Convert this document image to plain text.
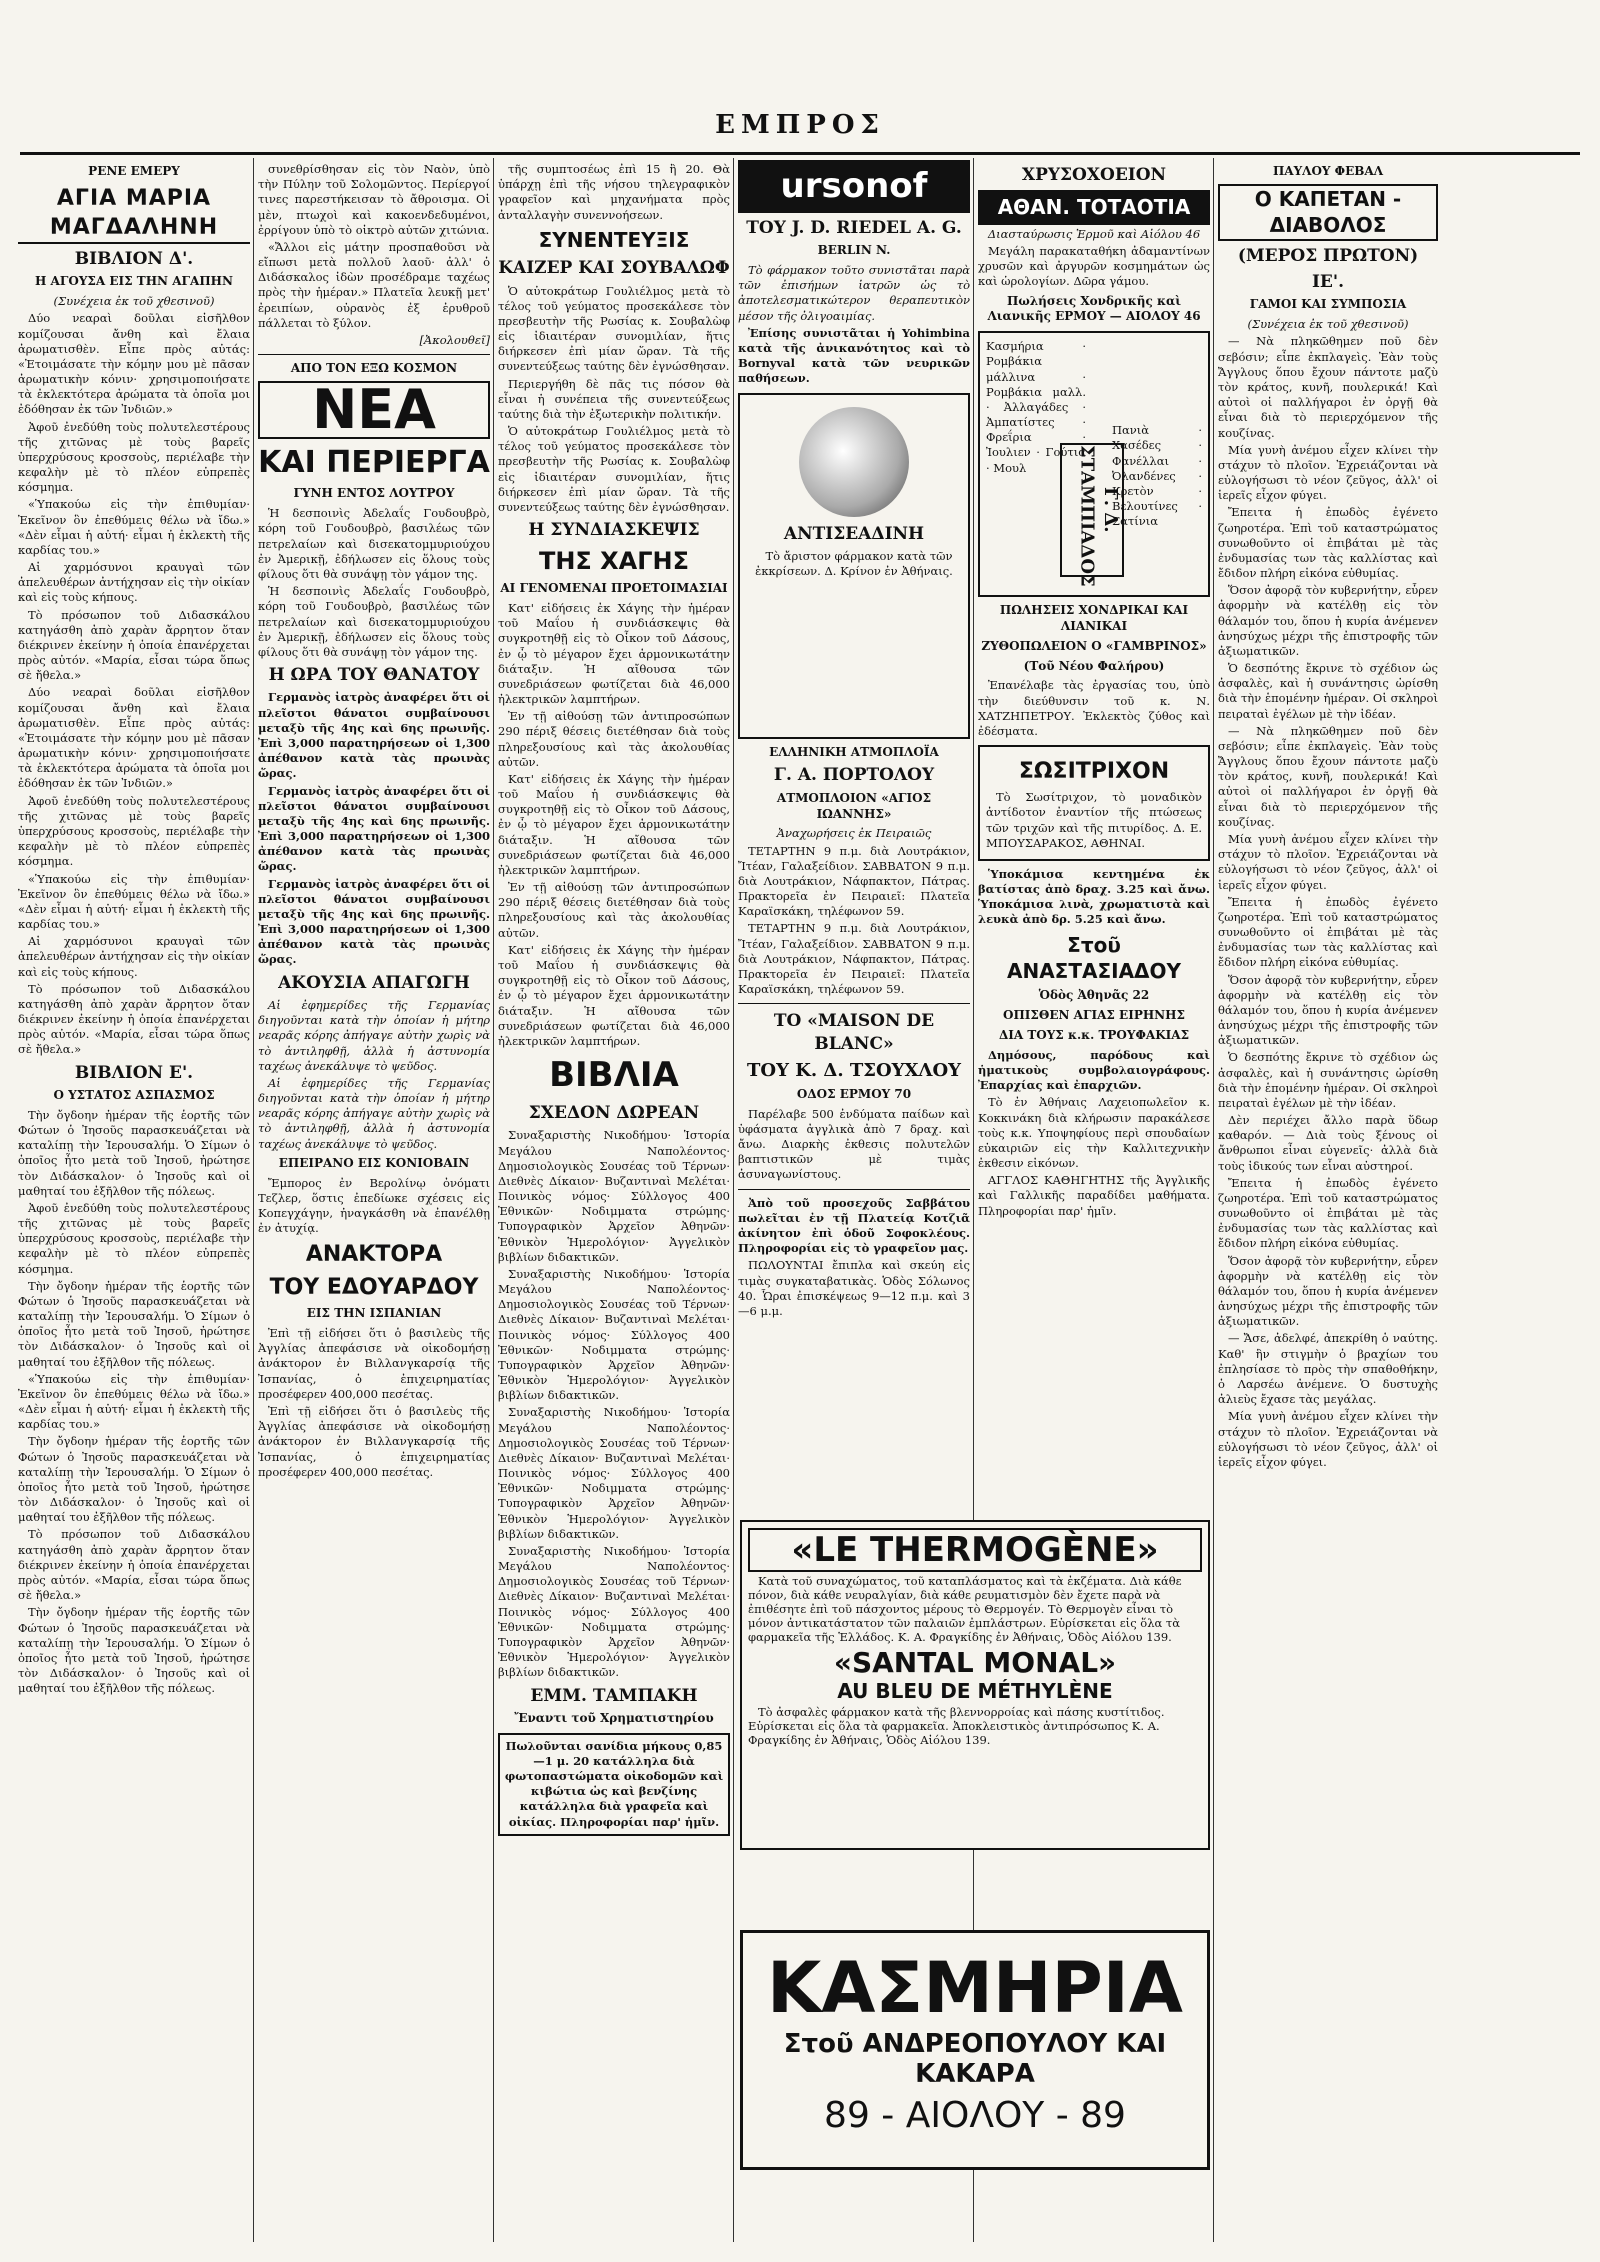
ΕΜΠΡΟΣ
ΡΕΝΕ ΕΜΕΡΥ
ΑΓΙΑ ΜΑΡΙΑ ΜΑΓΔΑΛΗΝΗ
ΒΙΒΛΙΟΝ Δ'.
Η ΑΓΟΥΣΑ ΕΙΣ ΤΗΝ ΑΓΑΠΗΝ
(Συνέχεια ἐκ τοῦ χθεσινοῦ)

Δύο νεαραὶ δοῦλαι εἰσῆλθον κομίζουσαι ἄνθη καὶ ἔλαια ἀρωματισθὲν. Εἶπε πρὸς αὐτάς: «Ἐτοιμάσατε τὴν κόμην μου μὲ πᾶσαν ἀρωματικὴν κόνιν· χρησιμοποιήσατε τὰ ἐκλεκτότερα ἀρώματα τὰ ὁποῖα μοι ἐδόθησαν ἐκ τῶν Ἰνδιῶν.»

Ἀφοῦ ἐνεδύθη τοὺς πολυτελεστέρους τῆς χιτῶνας μὲ τοὺς βαρεῖς ὑπερχρύσους κροσσοὺς, περιέλαβε τὴν κεφαλὴν μὲ τὸ πλέον εὐπρεπὲς κόσμημα.

«Ὑπακούω εἰς τὴν ἐπιθυμίαν· Ἐκεῖνον ὃν ἐπεθύμεις θέλω νὰ ἴδω.» «Δὲν εἶμαι ἡ αὐτή· εἶμαι ἡ ἐκλεκτὴ τῆς καρδίας του.»

Αἱ χαρμόσυνοι κραυγαὶ τῶν ἀπελευθέρων ἀντήχησαν εἰς τὴν οἰκίαν καὶ εἰς τοὺς κήπους.

Τὸ πρόσωπον τοῦ Διδασκάλου κατηγάσθη ἀπὸ χαρὰν ἄρρητον ὅταν διέκρινεν ἐκείνην ἡ ὁποία ἐπανέρχεται πρὸς αὐτόν. «Μαρία, εἶσαι τώρα ὅπως σὲ ἤθελα.»

Δύο νεαραὶ δοῦλαι εἰσῆλθον κομίζουσαι ἄνθη καὶ ἔλαια ἀρωματισθὲν. Εἶπε πρὸς αὐτάς: «Ἐτοιμάσατε τὴν κόμην μου μὲ πᾶσαν ἀρωματικὴν κόνιν· χρησιμοποιήσατε τὰ ἐκλεκτότερα ἀρώματα τὰ ὁποῖα μοι ἐδόθησαν ἐκ τῶν Ἰνδιῶν.»

Ἀφοῦ ἐνεδύθη τοὺς πολυτελεστέρους τῆς χιτῶνας μὲ τοὺς βαρεῖς ὑπερχρύσους κροσσοὺς, περιέλαβε τὴν κεφαλὴν μὲ τὸ πλέον εὐπρεπὲς κόσμημα.

«Ὑπακούω εἰς τὴν ἐπιθυμίαν· Ἐκεῖνον ὃν ἐπεθύμεις θέλω νὰ ἴδω.» «Δὲν εἶμαι ἡ αὐτή· εἶμαι ἡ ἐκλεκτὴ τῆς καρδίας του.»

Αἱ χαρμόσυνοι κραυγαὶ τῶν ἀπελευθέρων ἀντήχησαν εἰς τὴν οἰκίαν καὶ εἰς τοὺς κήπους.

Τὸ πρόσωπον τοῦ Διδασκάλου κατηγάσθη ἀπὸ χαρὰν ἄρρητον ὅταν διέκρινεν ἐκείνην ἡ ὁποία ἐπανέρχεται πρὸς αὐτόν. «Μαρία, εἶσαι τώρα ὅπως σὲ ἤθελα.»

ΒΙΒΛΙΟΝ Ε'.
Ο ΥΣΤΑΤΟΣ ΑΣΠΑΣΜΟΣ

Τὴν ὄγδοην ἡμέραν τῆς ἑορτῆς τῶν Φώτων ὁ Ἰησοῦς παρασκευάζεται νὰ καταλίπῃ τὴν Ἱερουσαλήμ. Ὁ Σίμων ὁ ὁποῖος ἦτο μετὰ τοῦ Ἰησοῦ, ἠρώτησε τὸν Διδάσκαλον· ὁ Ἰησοῦς καὶ οἱ μαθηταί του ἐξῆλθον τῆς πόλεως.

Ἀφοῦ ἐνεδύθη τοὺς πολυτελεστέρους τῆς χιτῶνας μὲ τοὺς βαρεῖς ὑπερχρύσους κροσσοὺς, περιέλαβε τὴν κεφαλὴν μὲ τὸ πλέον εὐπρεπὲς κόσμημα.

Τὴν ὄγδοην ἡμέραν τῆς ἑορτῆς τῶν Φώτων ὁ Ἰησοῦς παρασκευάζεται νὰ καταλίπῃ τὴν Ἱερουσαλήμ. Ὁ Σίμων ὁ ὁποῖος ἦτο μετὰ τοῦ Ἰησοῦ, ἠρώτησε τὸν Διδάσκαλον· ὁ Ἰησοῦς καὶ οἱ μαθηταί του ἐξῆλθον τῆς πόλεως.

«Ὑπακούω εἰς τὴν ἐπιθυμίαν· Ἐκεῖνον ὃν ἐπεθύμεις θέλω νὰ ἴδω.» «Δὲν εἶμαι ἡ αὐτή· εἶμαι ἡ ἐκλεκτὴ τῆς καρδίας του.»

Τὴν ὄγδοην ἡμέραν τῆς ἑορτῆς τῶν Φώτων ὁ Ἰησοῦς παρασκευάζεται νὰ καταλίπῃ τὴν Ἱερουσαλήμ. Ὁ Σίμων ὁ ὁποῖος ἦτο μετὰ τοῦ Ἰησοῦ, ἠρώτησε τὸν Διδάσκαλον· ὁ Ἰησοῦς καὶ οἱ μαθηταί του ἐξῆλθον τῆς πόλεως.

Τὸ πρόσωπον τοῦ Διδασκάλου κατηγάσθη ἀπὸ χαρὰν ἄρρητον ὅταν διέκρινεν ἐκείνην ἡ ὁποία ἐπανέρχεται πρὸς αὐτόν. «Μαρία, εἶσαι τώρα ὅπως σὲ ἤθελα.»

Τὴν ὄγδοην ἡμέραν τῆς ἑορτῆς τῶν Φώτων ὁ Ἰησοῦς παρασκευάζεται νὰ καταλίπῃ τὴν Ἱερουσαλήμ. Ὁ Σίμων ὁ ὁποῖος ἦτο μετὰ τοῦ Ἰησοῦ, ἠρώτησε τὸν Διδάσκαλον· ὁ Ἰησοῦς καὶ οἱ μαθηταί του ἐξῆλθον τῆς πόλεως.

συνεθρίσθησαν εἰς τὸν Ναὸν, ὑπὸ τὴν Πύλην τοῦ Σολομῶντος. Περίεργοί τινες παρεστήκεισαν τὸ ἄθροισμα. Οἱ μὲν, πτωχοὶ καὶ κακοενδεδυμένοι, ἐρρίγουν ὑπὸ τὸ οἰκτρὸ αὐτῶν χιτώνια.

«Ἄλλοι εἰς μάτην προσπαθοῦσι νὰ εἴπωσι μετὰ πολλοῦ λαοῦ· ἀλλ' ὁ Διδάσκαλος ἰδὼν προσέδραμε ταχέως πρὸς τὴν ἡμέραν.» Πλατεῖα λευκῇ μετ' ἐρειπίων, οὐρανὸς ἐξ ἐρυθροῦ πάλλεται τὸ ξύλον.

[Ἀκολουθεῖ]
ΑΠΟ ΤΟΝ ΕΞΩ ΚΟΣΜΟΝ
ΝΕΑ
ΚΑΙ ΠΕΡΙΕΡΓΑ
ΓΥΝΗ ΕΝΤΟΣ ΛΟΥΤΡΟΥ

Ἡ δεσποινὶς Ἀδελαΐς Γουδουβρὸ, κόρη τοῦ Γουδουβρὸ, βασιλέως τῶν πετρελαίων καὶ δισεκατομμυριούχου ἐν Ἀμερικῇ, ἐδήλωσεν εἰς ὅλους τοὺς φίλους ὅτι θὰ συνάψῃ τὸν γάμον της.

Ἡ δεσποινὶς Ἀδελαΐς Γουδουβρὸ, κόρη τοῦ Γουδουβρὸ, βασιλέως τῶν πετρελαίων καὶ δισεκατομμυριούχου ἐν Ἀμερικῇ, ἐδήλωσεν εἰς ὅλους τοὺς φίλους ὅτι θὰ συνάψῃ τὸν γάμον της.

Η ΩΡΑ ΤΟΥ ΘΑΝΑΤΟΥ

Γερμανὸς ἰατρὸς ἀναφέρει ὅτι οἱ πλεῖστοι θάνατοι συμβαίνουσι μεταξὺ τῆς 4ης καὶ 6ης πρωινῆς. Ἐπὶ 3,000 παρατηρήσεων οἱ 1,300 ἀπέθανον κατὰ τὰς πρωινὰς ὥρας.

Γερμανὸς ἰατρὸς ἀναφέρει ὅτι οἱ πλεῖστοι θάνατοι συμβαίνουσι μεταξὺ τῆς 4ης καὶ 6ης πρωινῆς. Ἐπὶ 3,000 παρατηρήσεων οἱ 1,300 ἀπέθανον κατὰ τὰς πρωινὰς ὥρας.

Γερμανὸς ἰατρὸς ἀναφέρει ὅτι οἱ πλεῖστοι θάνατοι συμβαίνουσι μεταξὺ τῆς 4ης καὶ 6ης πρωινῆς. Ἐπὶ 3,000 παρατηρήσεων οἱ 1,300 ἀπέθανον κατὰ τὰς πρωινὰς ὥρας.

ΑΚΟΥΣΙΑ ΑΠΑΓΩΓΗ

Αἱ ἐφημερίδες τῆς Γερμανίας διηγοῦνται κατὰ τὴν ὁποίαν ἡ μήτηρ νεαρᾶς κόρης ἀπήγαγε αὐτὴν χωρὶς νὰ τὸ ἀντιληφθῇ, ἀλλὰ ἡ ἀστυνομία ταχέως ἀνεκάλυψε τὸ ψεῦδος.

Αἱ ἐφημερίδες τῆς Γερμανίας διηγοῦνται κατὰ τὴν ὁποίαν ἡ μήτηρ νεαρᾶς κόρης ἀπήγαγε αὐτὴν χωρὶς νὰ τὸ ἀντιληφθῇ, ἀλλὰ ἡ ἀστυνομία ταχέως ἀνεκάλυψε τὸ ψεῦδος.

ΕΠΕΙΡΑΝΟ ΕΙΣ ΚΟΝΙΟΒΑΙΝ

Ἔμπορος ἐν Βερολίνῳ ὀνόματι Τεζλερ, ὅστις ἐπεδίωκε σχέσεις εἰς Κοπεγχάγην, ἠναγκάσθη νὰ ἐπανέλθῃ ἐν ἀτυχίᾳ.

ΑΝΑΚΤΟΡΑ
ΤΟΥ ΕΔΟΥΑΡΔΟΥ
ΕΙΣ ΤΗΝ ΙΣΠΑΝΙΑΝ

Ἐπὶ τῇ εἰδήσει ὅτι ὁ βασιλεὺς τῆς Ἀγγλίας ἀπεφάσισε νὰ οἰκοδομήσῃ ἀνάκτορον ἐν Βιλλανγκαρσίᾳ τῆς Ἰσπανίας, ὁ ἐπιχειρηματίας προσέφερεν 400,000 πεσέτας.

Ἐπὶ τῇ εἰδήσει ὅτι ὁ βασιλεὺς τῆς Ἀγγλίας ἀπεφάσισε νὰ οἰκοδομήσῃ ἀνάκτορον ἐν Βιλλανγκαρσίᾳ τῆς Ἰσπανίας, ὁ ἐπιχειρηματίας προσέφερεν 400,000 πεσέτας.

τῆς συμπτοσέως ἐπὶ 15 ἢ 20. Θὰ ὑπάρχῃ ἐπὶ τῆς νήσου τηλεγραφικὸν γραφεῖον καὶ μηχανήματα πρὸς ἀνταλλαγὴν συνεννοήσεων.

ΣΥΝΕΝΤΕΥΞΙΣ
ΚΑΙΖΕΡ ΚΑΙ ΣΟΥΒΑΛΩΦ

Ὁ αὐτοκράτωρ Γουλιέλμος μετὰ τὸ τέλος τοῦ γεύματος προσεκάλεσε τὸν πρεσβευτὴν τῆς Ρωσίας κ. Σουβαλὼφ εἰς ἰδιαιτέραν συνομιλίαν, ἥτις διήρκεσεν ἐπὶ μίαν ὥραν. Τὰ τῆς συνεντεύξεως ταύτης δὲν ἐγνώσθησαν.

Περιεργήθη δὲ πᾶς τις πόσον θὰ εἶναι ἡ συνέπεια τῆς συνεντεύξεως ταύτης διὰ τὴν ἐξωτερικὴν πολιτικήν.

Ὁ αὐτοκράτωρ Γουλιέλμος μετὰ τὸ τέλος τοῦ γεύματος προσεκάλεσε τὸν πρεσβευτὴν τῆς Ρωσίας κ. Σουβαλὼφ εἰς ἰδιαιτέραν συνομιλίαν, ἥτις διήρκεσεν ἐπὶ μίαν ὥραν. Τὰ τῆς συνεντεύξεως ταύτης δὲν ἐγνώσθησαν.

Η ΣΥΝΔΙΑΣΚΕΨΙΣ
ΤΗΣ ΧΑΓΗΣ
ΑΙ ΓΕΝΟΜΕΝΑΙ ΠΡΟΕΤΟΙΜΑΣΙΑΙ

Κατ' εἰδήσεις ἐκ Χάγης τὴν ἡμέραν τοῦ Μαΐου ἡ συνδιάσκεψις θὰ συγκροτηθῇ εἰς τὸ Οἶκον τοῦ Δάσους, ἐν ᾧ τὸ μέγαρον ἔχει ἁρμονικωτάτην διάταξιν. Ἡ αἴθουσα τῶν συνεδριάσεων φωτίζεται διὰ 46,000 ἠλεκτρικῶν λαμπτήρων.

Ἐν τῇ αἰθούσῃ τῶν ἀντιπροσώπων 290 πέριξ θέσεις διετέθησαν διὰ τοὺς πληρεξουσίους καὶ τὰς ἀκολουθίας αὐτῶν.

Κατ' εἰδήσεις ἐκ Χάγης τὴν ἡμέραν τοῦ Μαΐου ἡ συνδιάσκεψις θὰ συγκροτηθῇ εἰς τὸ Οἶκον τοῦ Δάσους, ἐν ᾧ τὸ μέγαρον ἔχει ἁρμονικωτάτην διάταξιν. Ἡ αἴθουσα τῶν συνεδριάσεων φωτίζεται διὰ 46,000 ἠλεκτρικῶν λαμπτήρων.

Ἐν τῇ αἰθούσῃ τῶν ἀντιπροσώπων 290 πέριξ θέσεις διετέθησαν διὰ τοὺς πληρεξουσίους καὶ τὰς ἀκολουθίας αὐτῶν.

Κατ' εἰδήσεις ἐκ Χάγης τὴν ἡμέραν τοῦ Μαΐου ἡ συνδιάσκεψις θὰ συγκροτηθῇ εἰς τὸ Οἶκον τοῦ Δάσους, ἐν ᾧ τὸ μέγαρον ἔχει ἁρμονικωτάτην διάταξιν. Ἡ αἴθουσα τῶν συνεδριάσεων φωτίζεται διὰ 46,000 ἠλεκτρικῶν λαμπτήρων.

ΒΙΒΛΙΑ
ΣΧΕΔΟΝ ΔΩΡΕΑΝ

Συναξαριστὴς Νικοδήμου· Ἱστορία Μεγάλου Ναπολέοντος· Δημοσιολογικὸς Σουσέας τοῦ Τέρνων· Διεθνὲς Δίκαιον· Βυζαντιναὶ Μελέται· Ποινικὸς νόμος· Σύλλογος 400 Ἐθνικῶν· Νοδιμματα στρώμης· Τυπογραφικὸν Ἀρχεῖον Ἀθηνῶν· Ἐθνικὸν Ἡμερολόγιον· Ἀγγελικὸν βιβλίων διδακτικῶν.

Συναξαριστὴς Νικοδήμου· Ἱστορία Μεγάλου Ναπολέοντος· Δημοσιολογικὸς Σουσέας τοῦ Τέρνων· Διεθνὲς Δίκαιον· Βυζαντιναὶ Μελέται· Ποινικὸς νόμος· Σύλλογος 400 Ἐθνικῶν· Νοδιμματα στρώμης· Τυπογραφικὸν Ἀρχεῖον Ἀθηνῶν· Ἐθνικὸν Ἡμερολόγιον· Ἀγγελικὸν βιβλίων διδακτικῶν.

Συναξαριστὴς Νικοδήμου· Ἱστορία Μεγάλου Ναπολέοντος· Δημοσιολογικὸς Σουσέας τοῦ Τέρνων· Διεθνὲς Δίκαιον· Βυζαντιναὶ Μελέται· Ποινικὸς νόμος· Σύλλογος 400 Ἐθνικῶν· Νοδιμματα στρώμης· Τυπογραφικὸν Ἀρχεῖον Ἀθηνῶν· Ἐθνικὸν Ἡμερολόγιον· Ἀγγελικὸν βιβλίων διδακτικῶν.

Συναξαριστὴς Νικοδήμου· Ἱστορία Μεγάλου Ναπολέοντος· Δημοσιολογικὸς Σουσέας τοῦ Τέρνων· Διεθνὲς Δίκαιον· Βυζαντιναὶ Μελέται· Ποινικὸς νόμος· Σύλλογος 400 Ἐθνικῶν· Νοδιμματα στρώμης· Τυπογραφικὸν Ἀρχεῖον Ἀθηνῶν· Ἐθνικὸν Ἡμερολόγιον· Ἀγγελικὸν βιβλίων διδακτικῶν.

ΕΜΜ. ΤΑΜΠΑΚΗ
Ἔναντι τοῦ Χρηματιστηρίου
Πωλοῦνται σανίδια μήκους 0,85—1 μ. 20 κατάλληλα διὰ φωτοπαστώματα οἰκοδομῶν καὶ κιβώτια ὡς καὶ βενζίνης κατάλληλα διὰ γραφεῖα καὶ οἰκίας. Πληροφορίαι παρ' ἡμῖν.
ursonof
ΤΟΥ J. D. RIEDEL A. G.
BERLIN N.

Τὸ φάρμακον τοῦτο συνιστᾶται παρὰ τῶν ἐπισήμων ἰατρῶν ὡς τὸ ἀποτελεσματικώτερον θεραπευτικὸν μέσον τῆς ὀλιγοαιμίας.

Ἐπίσης συνιστᾶται ἡ Yohimbina κατὰ τῆς ἀνικανότητος καὶ τὸ Bornyval κατὰ τῶν νευρικῶν παθήσεων.

ΑΝΤΙΣΕΑΔΙΝΗ

Τὸ ἄριστον φάρμακον κατὰ τῶν ἐκκρίσεων. Δ. Κρίνον ἐν Ἀθήναις.

ΕΛΛΗΝΙΚΗ ΑΤΜΟΠΛΟΪΑ
Γ. Α. ΠΟΡΤΟΛΟΥ
ΑΤΜΟΠΛΟΙΟΝ «ΑΓΙΟΣ ΙΩΑΝΝΗΣ»
Ἀναχωρήσεις ἐκ Πειραιῶς

ΤΕΤΑΡΤΗΝ 9 π.μ. διὰ Λουτράκιον, Ἴτέαν, Γαλαξείδιον. ΣΑΒΒΑΤΟΝ 9 π.μ. διὰ Λουτράκιον, Νάφπακτον, Πάτρας. Πρακτορεῖα ἐν Πειραιεῖ: Πλατεῖα Καραϊσκάκη, τηλέφωνον 59.

ΤΕΤΑΡΤΗΝ 9 π.μ. διὰ Λουτράκιον, Ἴτέαν, Γαλαξείδιον. ΣΑΒΒΑΤΟΝ 9 π.μ. διὰ Λουτράκιον, Νάφπακτον, Πάτρας. Πρακτορεῖα ἐν Πειραιεῖ: Πλατεῖα Καραϊσκάκη, τηλέφωνον 59.

ΤΟ «MAISON DE BLANC»
ΤΟΥ Κ. Δ. ΤΣΟΥΧΛΟΥ
ΟΔΟΣ ΕΡΜΟΥ 70

Παρέλαβε 500 ἐνδύματα παίδων καὶ ὑφάσματα ἀγγλικὰ ἀπὸ 7 δραχ. καὶ ἄνω. Διαρκὴς ἐκθεσις πολυτελῶν βαπτιστικῶν μὲ τιμὰς ἀσυναγωνίστους.

Ἀπὸ τοῦ προσεχοῦς Σαββάτου πωλεῖται ἐν τῇ Πλατείᾳ Κοτζιᾶ ἀκίνητον ἐπὶ ὁδοῦ Σοφοκλέους. Πληροφορίαι εἰς τὸ γραφεῖον μας.

ΠΩΛΟΥΝΤΑΙ ἔπιπλα καὶ σκεύη εἰς τιμὰς συγκαταβατικὰς. Ὁδὸς Σόλωνος 40. Ὧραι ἐπισκέψεως 9—12 π.μ. καὶ 3—6 μ.μ.

ΧΡΥΣΟΧΟΕΙΟΝ
ΑΘΑΝ. ΤΟΤΑΟΤΙΑ
Διασταύρωσις Ἑρμοῦ καὶ Αἰόλου 46

Μεγάλη παρακαταθήκη ἀδαμαντίνων χρυσῶν καὶ ἀργυρῶν κοσμημάτων ὡς καὶ ὡρολογίων. Δῶρα γάμου.

Πωλήσεις Χονδρικῆς καὶ Λιανικῆς ΕΡΜΟΥ — ΑΙΟΛΟΥ 46
Κασμήρια · Ρομβάκια μάλλινα · Ρομβάκια μαλλ. · Ἀλλαγάδες · Ἀμπατίστες · Φρεΐρια · Ἰουλιεν · Γούτια · Μουλ
Πανιὰ · Χασέδες · Φανέλλαι · Ὀλανδένες · Κρετὸν · Βελουτίνες · Σατίνια
Γ. Δ. ΣΤΑΜΠΙΑΔΟΣ
ΠΩΛΗΣΕΙΣ ΧΟΝΔΡΙΚΑΙ ΚΑΙ ΛΙΑΝΙΚΑΙ
ΖΥΘΟΠΩΛΕΙΟΝ Ο «ΓΑΜΒΡΙΝΟΣ»
(Τοῦ Νέου Φαλήρου)

Ἐπανέλαβε τὰς ἐργασίας του, ὑπὸ τὴν διεύθυνσιν τοῦ κ. Ν. ΧΑΤΖΗΠΕΤΡΟΥ. Ἐκλεκτὸς ζύθος καὶ ἐδέσματα.

ΣΩΣΙΤΡΙΧΟΝ

Τὸ Σωσίτριχον, τὸ μοναδικὸν ἀντίδοτον ἐναντίον τῆς πτώσεως τῶν τριχῶν καὶ τῆς πιτυρίδος. Δ. Ε. ΜΠΟΥΣΑΡΑΚΟΣ, ΑΘΗΝΑΙ.

Ὑποκάμισα κεντημένα ἐκ βατίστας ἀπὸ δραχ. 3.25 καὶ ἄνω. Ὑποκάμισα λινὰ, χρωματιστὰ καὶ λευκὰ ἀπὸ δρ. 5.25 καὶ ἄνω.

Στοῦ ΑΝΑΣΤΑΣΙΑΔΟΥ
Ὁδὸς Ἀθηνᾶς 22
ΟΠΙΣΘΕΝ ΑΓΙΑΣ ΕΙΡΗΝΗΣ
ΔΙΑ ΤΟΥΣ κ.κ. ΤΡΟΥΦΑΚΙΑΣ

Δημόσους, παρόδους καὶ ἡματικοὺς συμβολαιογράφους. Ἐπαρχίας καὶ ἐπαρχιῶν.

Τὸ ἐν Ἀθήναις Λαχειοπωλεῖον κ. Κοκκινάκη διὰ κλήρωσιν παρακάλεσε τοὺς κ.κ. Υποψηφίους περὶ σπουδαίων εὐκαιριῶν εἰς τὴν Καλλιτεχνικὴν ἐκθεσιν εἰκόνων.

ΑΓΓΛΟΣ ΚΑΘΗΓΗΤΗΣ τῆς Ἀγγλικῆς καὶ Γαλλικῆς παραδίδει μαθήματα. Πληροφορίαι παρ' ἡμῖν.

ΠΑΥΛΟΥ ΦΕΒΑΛ
Ο ΚΑΠΕΤΑΝ - ΔΙΑΒΟΛΟΣ
(ΜΕΡΟΣ ΠΡΩΤΟΝ)
ΙΕ'.
ΓΑΜΟΙ ΚΑΙ ΣΥΜΠΟΣΙΑ
(Συνέχεια ἐκ τοῦ χθεσινοῦ)

— Νὰ πληκῶθημεν ποῦ δὲν σεβόσιν; εἶπε ἐκπλαγεὶς. Ἐὰν τοὺς Ἄγγλους ὅπου ἔχουν πάντοτε μαζὺ τὸν κράτος, κυνῆ, πουλερικά! Καὶ αὐτοὶ οἱ παλλήγαροι ἐν ὀργῇ θὰ εἶναι διὰ τὸ περιερχόμενον τῆς κουζίνας.

Μία γυνὴ ἀνέμου εἶχεν κλίνει τὴν στάχυν τὸ πλοῖον. Ἐχρειάζονται νὰ εὐλογήσωσι τὸ νέον ζεῦγος, ἀλλ' οἱ ἱερεῖς εἶχον φύγει.

Ἔπειτα ἡ ἐπωδὸς ἐγένετο ζωηροτέρα. Ἐπὶ τοῦ καταστρώματος συνωθοῦντο οἱ ἐπιβάται μὲ τὰς ἐνδυμασίας των τὰς καλλίστας καὶ ἔδιδον πλήρη εἰκόνα εὐθυμίας.

Ὅσον ἀφορᾷ τὸν κυβερνήτην, εὗρεν ἀφορμὴν νὰ κατέλθῃ εἰς τὸν θάλαμόν του, ὅπου ἡ κυρία ἀνέμενεν ἀνησύχως μέχρι τῆς ἐπιστροφῆς τῶν ἀξιωματικῶν.

Ὁ δεσπότης ἔκρινε τὸ σχέδιον ὡς ἀσφαλὲς, καὶ ἡ συνάντησις ὡρίσθη διὰ τὴν ἑπομένην ἡμέραν. Οἱ σκληροὶ πειραταὶ ἐγέλων μὲ τὴν ἰδέαν.

— Νὰ πληκῶθημεν ποῦ δὲν σεβόσιν; εἶπε ἐκπλαγεὶς. Ἐὰν τοὺς Ἄγγλους ὅπου ἔχουν πάντοτε μαζὺ τὸν κράτος, κυνῆ, πουλερικά! Καὶ αὐτοὶ οἱ παλλήγαροι ἐν ὀργῇ θὰ εἶναι διὰ τὸ περιερχόμενον τῆς κουζίνας.

Μία γυνὴ ἀνέμου εἶχεν κλίνει τὴν στάχυν τὸ πλοῖον. Ἐχρειάζονται νὰ εὐλογήσωσι τὸ νέον ζεῦγος, ἀλλ' οἱ ἱερεῖς εἶχον φύγει.

Ἔπειτα ἡ ἐπωδὸς ἐγένετο ζωηροτέρα. Ἐπὶ τοῦ καταστρώματος συνωθοῦντο οἱ ἐπιβάται μὲ τὰς ἐνδυμασίας των τὰς καλλίστας καὶ ἔδιδον πλήρη εἰκόνα εὐθυμίας.

Ὅσον ἀφορᾷ τὸν κυβερνήτην, εὗρεν ἀφορμὴν νὰ κατέλθῃ εἰς τὸν θάλαμόν του, ὅπου ἡ κυρία ἀνέμενεν ἀνησύχως μέχρι τῆς ἐπιστροφῆς τῶν ἀξιωματικῶν.

Ὁ δεσπότης ἔκρινε τὸ σχέδιον ὡς ἀσφαλὲς, καὶ ἡ συνάντησις ὡρίσθη διὰ τὴν ἑπομένην ἡμέραν. Οἱ σκληροὶ πειραταὶ ἐγέλων μὲ τὴν ἰδέαν.

Δὲν περιέχει ἄλλο παρὰ ὕδωρ καθαρόν. — Διὰ τοὺς ξένους οἱ ἄνθρωποι εἶναι εὐγενεῖς· ἀλλὰ διὰ τοὺς ἰδικούς των εἶναι αὐστηροί.

Ἔπειτα ἡ ἐπωδὸς ἐγένετο ζωηροτέρα. Ἐπὶ τοῦ καταστρώματος συνωθοῦντο οἱ ἐπιβάται μὲ τὰς ἐνδυμασίας των τὰς καλλίστας καὶ ἔδιδον πλήρη εἰκόνα εὐθυμίας.

Ὅσον ἀφορᾷ τὸν κυβερνήτην, εὗρεν ἀφορμὴν νὰ κατέλθῃ εἰς τὸν θάλαμόν του, ὅπου ἡ κυρία ἀνέμενεν ἀνησύχως μέχρι τῆς ἐπιστροφῆς τῶν ἀξιωματικῶν.

— Ἄσε, ἀδελφέ, ἀπεκρίθη ὁ ναύτης. Καθ' ἣν στιγμὴν ὁ βραχίων του ἐπλησίασε τὸ πρὸς τὴν σπαθοθήκην, ὁ Λαρσέω ἀνέμενε. Ὁ δυστυχὴς ἀλιεὺς ἔχασε τὰς μεγάλας.

Μία γυνὴ ἀνέμου εἶχεν κλίνει τὴν στάχυν τὸ πλοῖον. Ἐχρειάζονται νὰ εὐλογήσωσι τὸ νέον ζεῦγος, ἀλλ' οἱ ἱερεῖς εἶχον φύγει.

«LE THERMOGÈNE»

Κατὰ τοῦ συναχώματος, τοῦ καταπλάσματος καὶ τὰ ἐκζέματα. Διὰ κάθε πόνον, διὰ κάθε νευραλγίαν, διὰ κάθε ρευματισμὸν δὲν ἔχετε παρὰ νὰ ἐπιθέσητε ἐπὶ τοῦ πάσχοντος μέρους τὸ Θερμογέν. Τὸ Θερμογὲν εἶναι τὸ μόνον ἀντικατάστατον τῶν παλαιῶν ἐμπλάστρων. Εὑρίσκεται εἰς ὅλα τὰ φαρμακεῖα τῆς Ἑλλάδος. Κ. Α. Φραγκίδης ἐν Ἀθήναις, Ὁδὸς Αἰόλου 139.

«SANTAL MONAL»
AU BLEU DE MÉTHYLÈNE

Τὸ ἀσφαλὲς φάρμακον κατὰ τῆς βλεννορροίας καὶ πάσης κυστίτιδος. Εὑρίσκεται εἰς ὅλα τὰ φαρμακεῖα. Ἀποκλειστικὸς ἀντιπρόσωπος Κ. Α. Φραγκίδης ἐν Ἀθήναις, Ὁδὸς Αἰόλου 139.

ΚΑΣΜΗΡΙΑ
Στοῦ ΑΝΔΡΕΟΠΟΥΛΟΥ ΚΑΙ ΚΑΚΑΡΑ
89 - ΑΙΟΛΟΥ - 89
